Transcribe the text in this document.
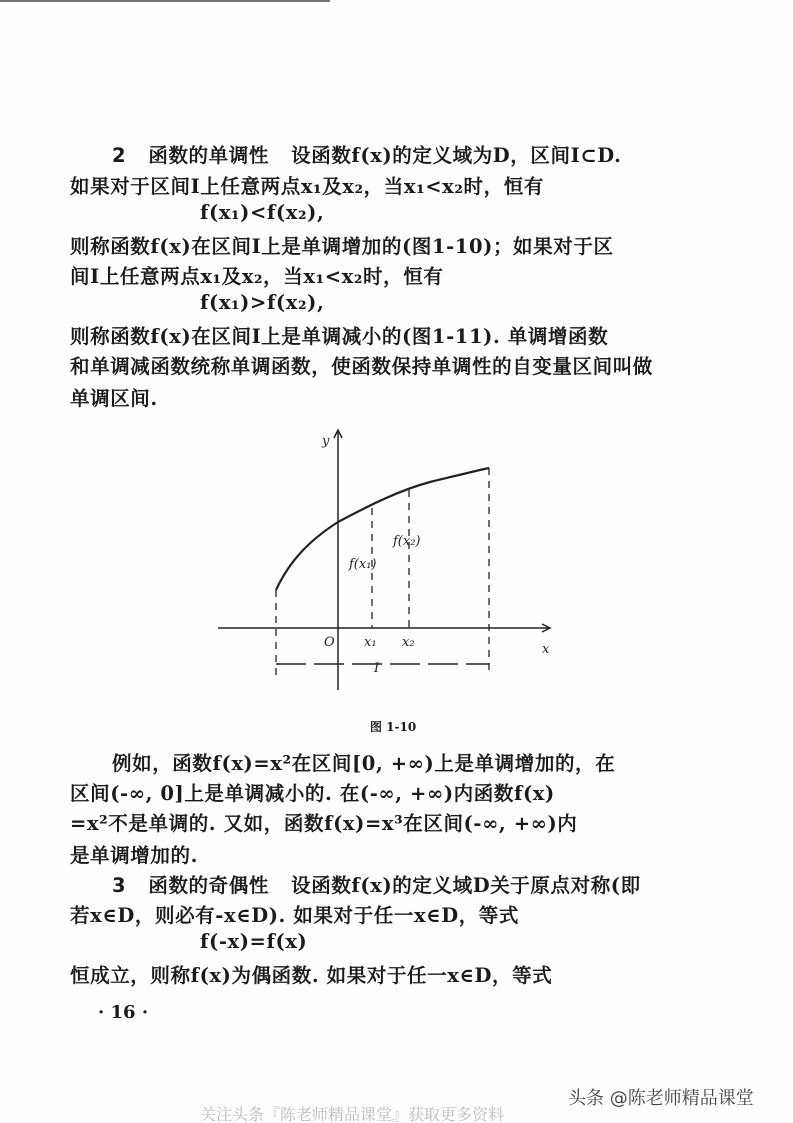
2 函数的单调性 设函数f(x)的定义域为D，区间I⊂D.
如果对于区间I上任意两点x₁及x₂，当x₁<x₂时，恒有
f(x₁)<f(x₂),
则称函数f(x)在区间I上是单调增加的(图1-10)；如果对于区
间I上任意两点x₁及x₂，当x₁<x₂时，恒有
f(x₁)>f(x₂),
则称函数f(x)在区间I上是单调减小的(图1-11). 单调增函数
和单调减函数统称单调函数，使函数保持单调性的自变量区间叫做
单调区间.
y
x
O x₁ x₂
f(x₁)
f(x₂)
I
图 1-10
例如，函数f(x)=x²在区间[0, +∞)上是单调增加的，在
区间(-∞, 0]上是单调减小的. 在(-∞, +∞)内函数f(x)
=x²不是单调的. 又如，函数f(x)=x³在区间(-∞, +∞)内
是单调增加的.
3 函数的奇偶性 设函数f(x)的定义域D关于原点对称(即
若x∈D，则必有-x∈D). 如果对于任一x∈D，等式
f(-x)=f(x)
恒成立，则称f(x)为偶函数. 如果对于任一x∈D，等式
· 16 ·
头条 @陈老师精品课堂
关注头条『陈老师精品课堂』获取更多资料
